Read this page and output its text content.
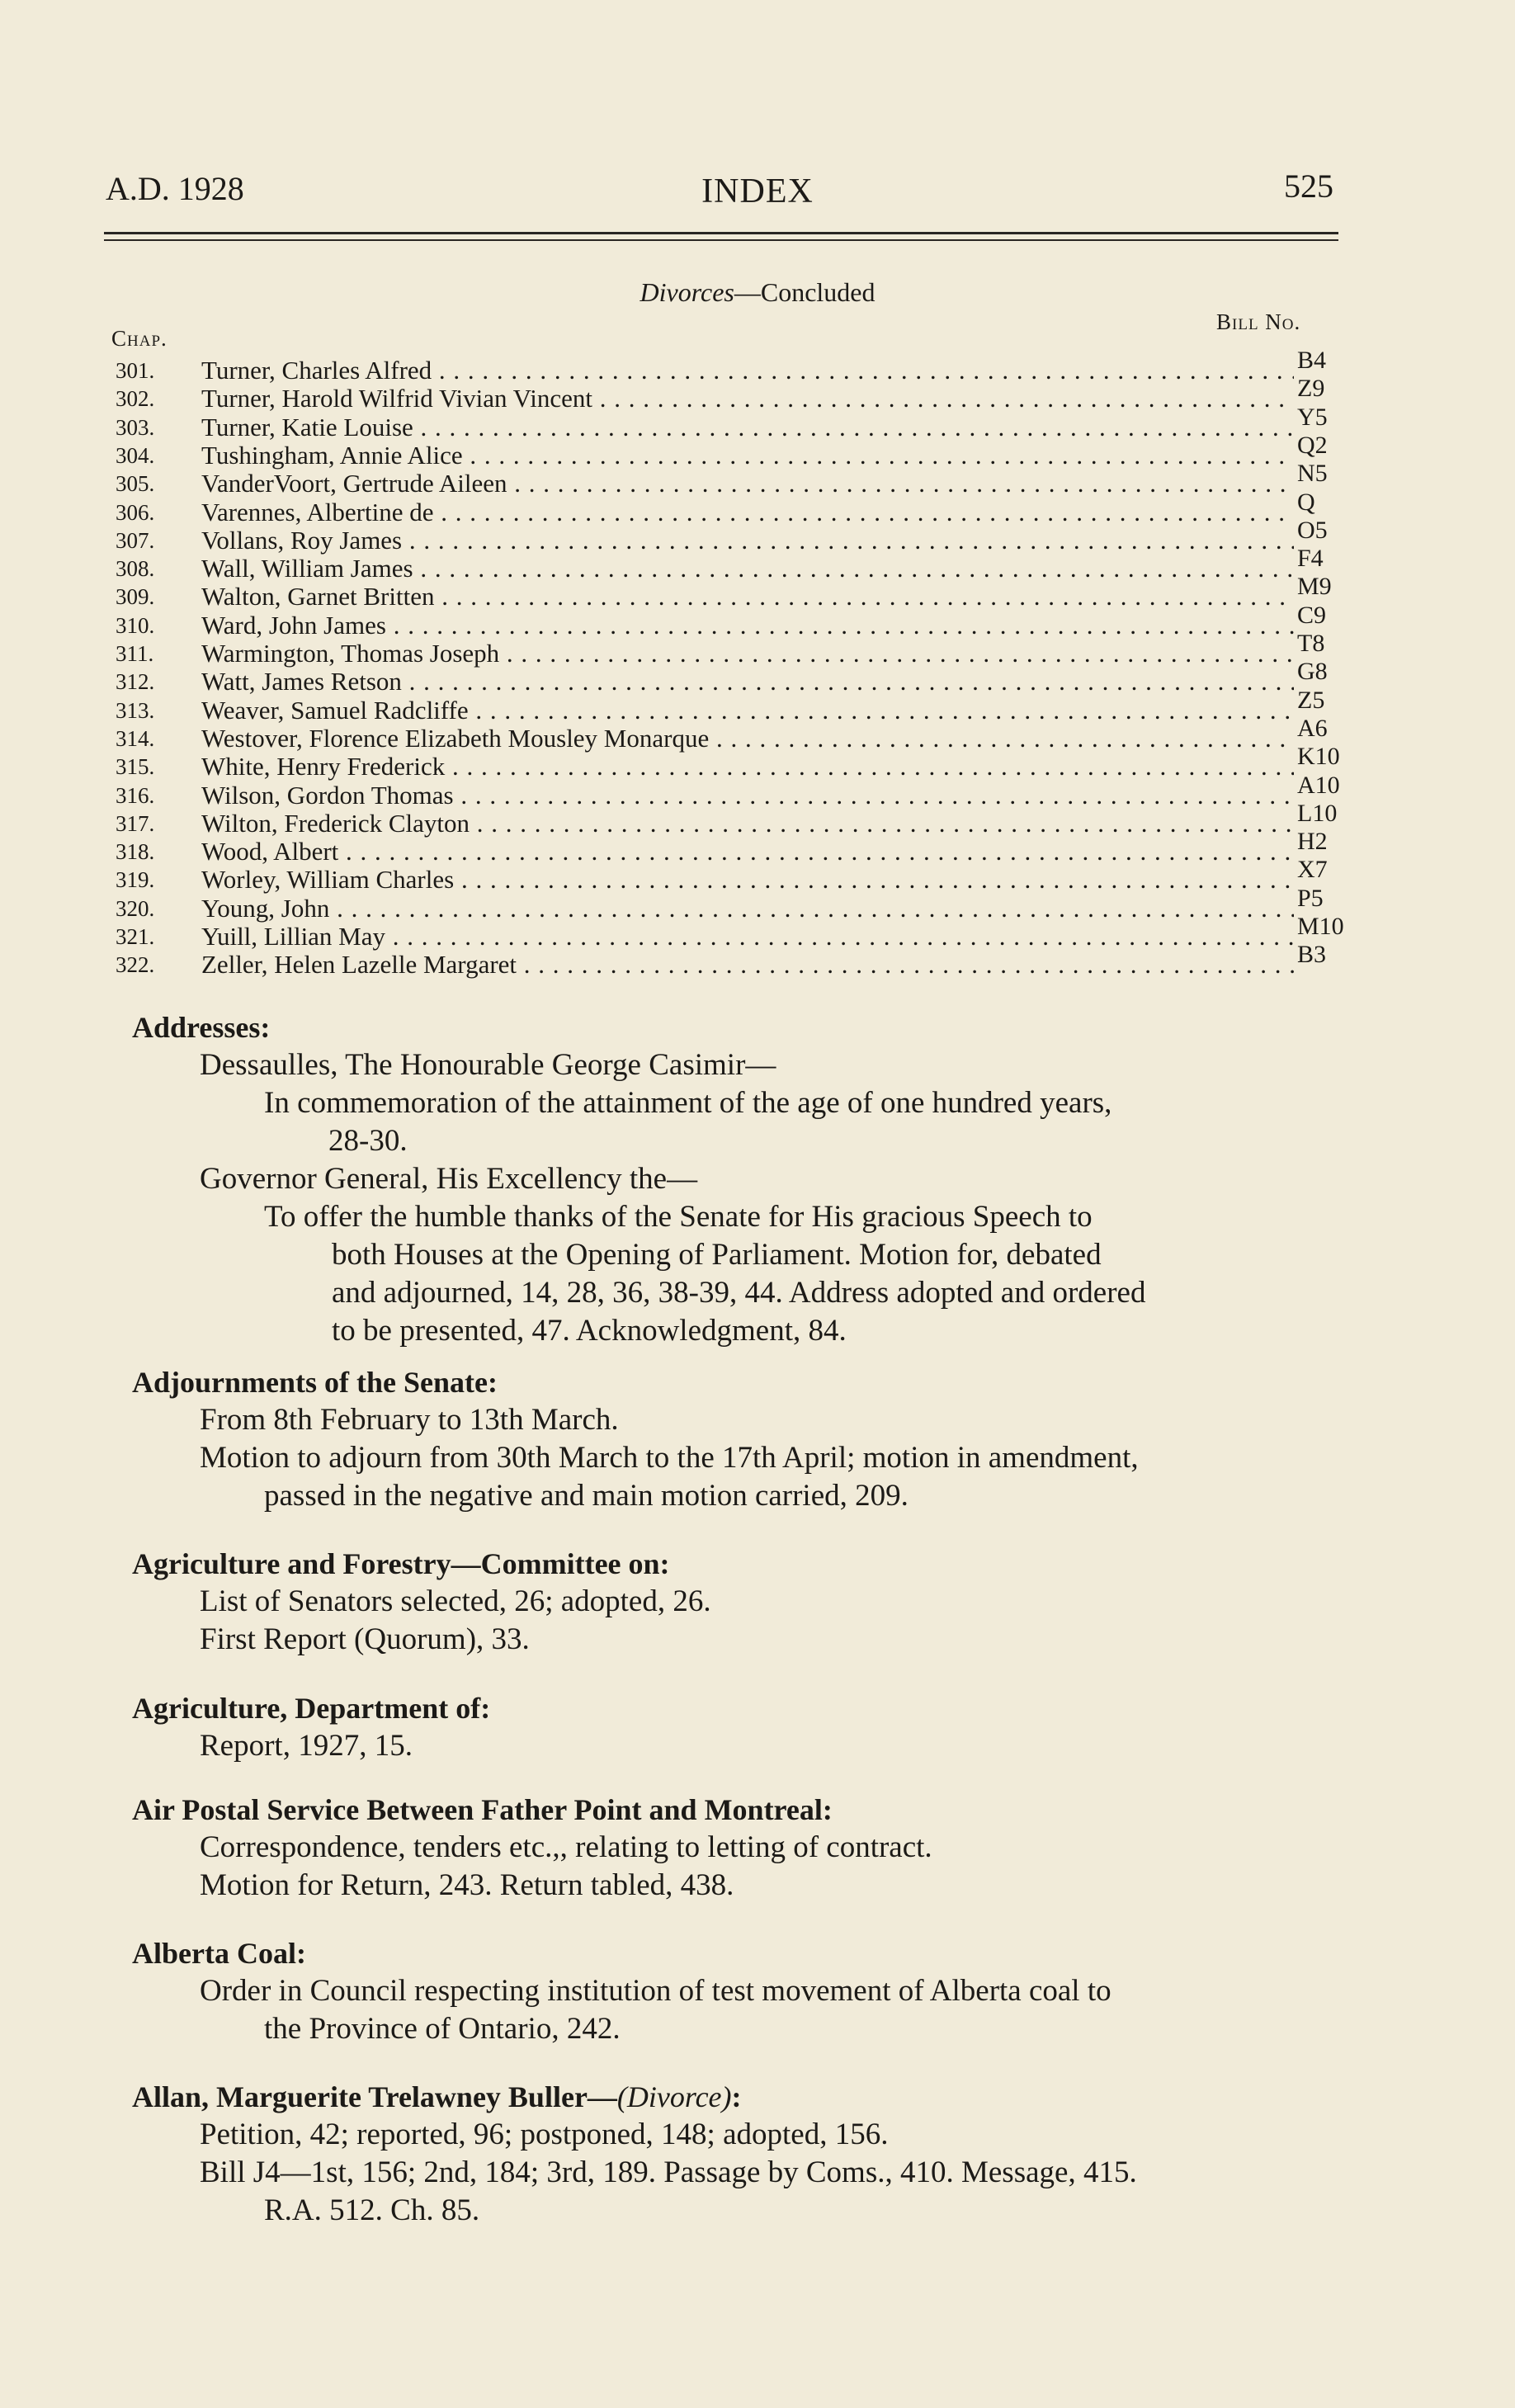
A.D. 1928	INDEX	525
Divorces—Concluded
Chap.
Bill No.
301.	Turner, Charles Alfred . . .	B4
302.	Turner, Harold Wilfrid Vivian Vincent . . .	Z9
303.	Turner, Katie Louise . . .	Y5
304.	Tushingham, Annie Alice . . .	Q2
305.	VanderVoort, Gertrude Aileen . . .	N5
306.	Varennes, Albertine de . . .	Q
307.	Vollans, Roy James . . .	O5
308.	Wall, William James . . .	F4
309.	Walton, Garnet Britten . . .	M9
310.	Ward, John James . . .	C9
311.	Warmington, Thomas Joseph . . .	T8
312.	Watt, James Retson . . .	G8
313.	Weaver, Samuel Radcliffe . . .	Z5
314.	Westover, Florence Elizabeth Mousley Monarque . . .	A6
315.	White, Henry Frederick . . .	K10
316.	Wilson, Gordon Thomas . . .	A10
317.	Wilton, Frederick Clayton . . .	L10
318.	Wood, Albert . . .	H2
319.	Worley, William Charles . . .	X7
320.	Young, John . . .	P5
321.	Yuill, Lillian May . . .	M10
322.	Zeller, Helen Lazelle Margaret . . .	B3

Addresses:

Dessaulles, The Honourable George Casimir—

In commemoration of the attainment of the age of one hundred years,

28-30.

Governor General, His Excellency the—

To offer the humble thanks of the Senate for His gracious Speech to

both Houses at the Opening of Parliament. Motion for, debated

and adjourned, 14, 28, 36, 38-39, 44. Address adopted and ordered

to be presented, 47. Acknowledgment, 84.

Adjournments of the Senate:

From 8th February to 13th March.

Motion to adjourn from 30th March to the 17th April; motion in amendment,

passed in the negative and main motion carried, 209.

Agriculture and Forestry—Committee on:

List of Senators selected, 26; adopted, 26.

First Report (Quorum), 33.

Agriculture, Department of:

Report, 1927, 15.

Air Postal Service Between Father Point and Montreal:

Correspondence, tenders etc.,, relating to letting of contract.

Motion for Return, 243. Return tabled, 438.

Alberta Coal:

Order in Council respecting institution of test movement of Alberta coal to

the Province of Ontario, 242.

Allan, Marguerite Trelawney Buller—(Divorce):

Petition, 42; reported, 96; postponed, 148; adopted, 156.

Bill J4—1st, 156; 2nd, 184; 3rd, 189. Passage by Coms., 410. Message, 415.

R.A. 512. Ch. 85.
